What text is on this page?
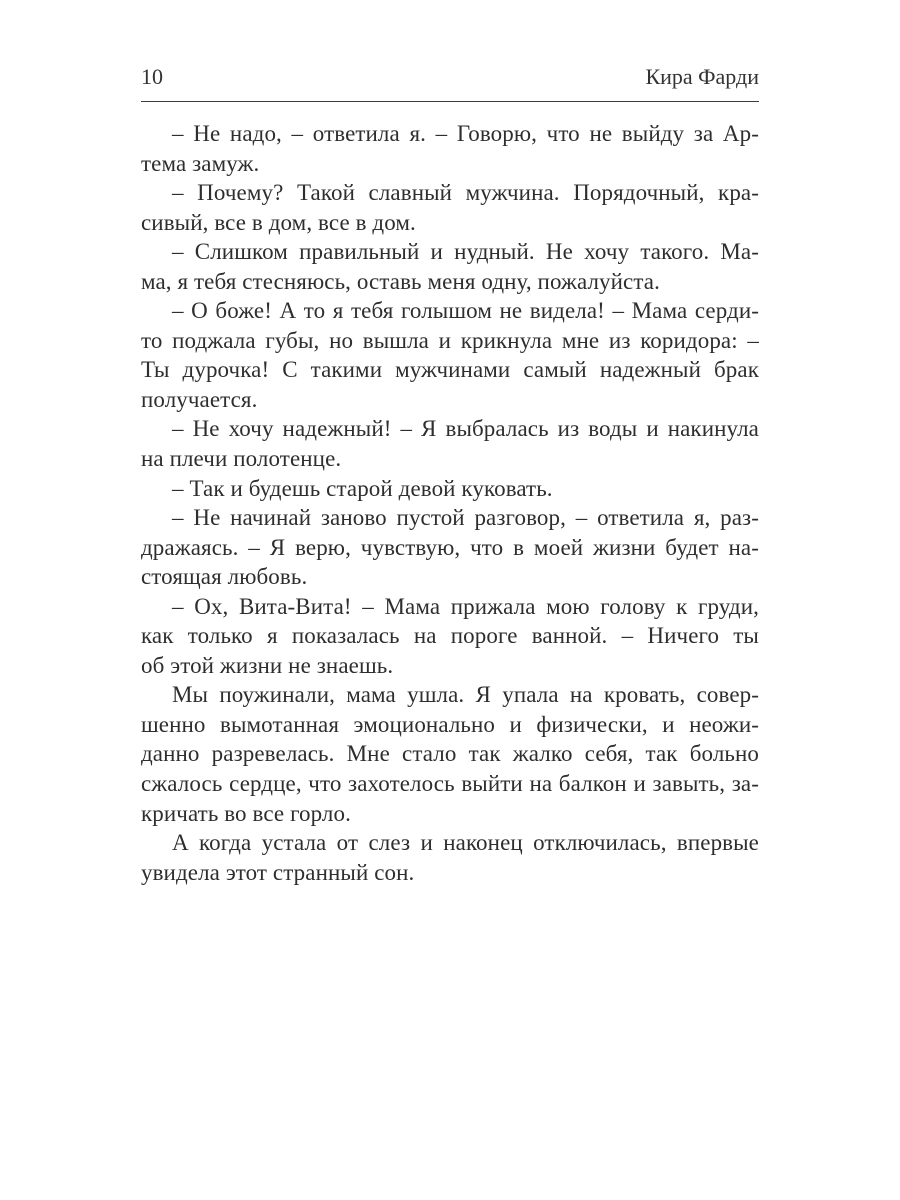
10	Кира Фарди
– Не надо, – ответила я. – Говорю, что не выйду за Ар-
тема замуж.
– Почему? Такой славный мужчина. Порядочный, кра-
сивый, все в дом, все в дом.
– Слишком правильный и нудный. Не хочу такого. Ма-
ма, я тебя стесняюсь, оставь меня одну, пожалуйста.
– О боже! А то я тебя голышом не видела! – Мама серди-
то поджала губы, но вышла и крикнула мне из коридора: –
Ты дурочка! С такими мужчинами самый надежный брак
получается.
– Не хочу надежный! – Я выбралась из воды и накинула
на плечи полотенце.
– Так и будешь старой девой куковать.
– Не начинай заново пустой разговор, – ответила я, раз-
дражаясь. – Я верю, чувствую, что в моей жизни будет на-
стоящая любовь.
– Ох, Вита-Вита! – Мама прижала мою голову к груди,
как только я показалась на пороге ванной. – Ничего ты
об этой жизни не знаешь.
Мы поужинали, мама ушла. Я упала на кровать, совер-
шенно вымотанная эмоционально и физически, и неожи-
данно разревелась. Мне стало так жалко себя, так больно
сжалось сердце, что захотелось выйти на балкон и завыть, за-
кричать во все горло.
А когда устала от слез и наконец отключилась, впервые
увидела этот странный сон.
